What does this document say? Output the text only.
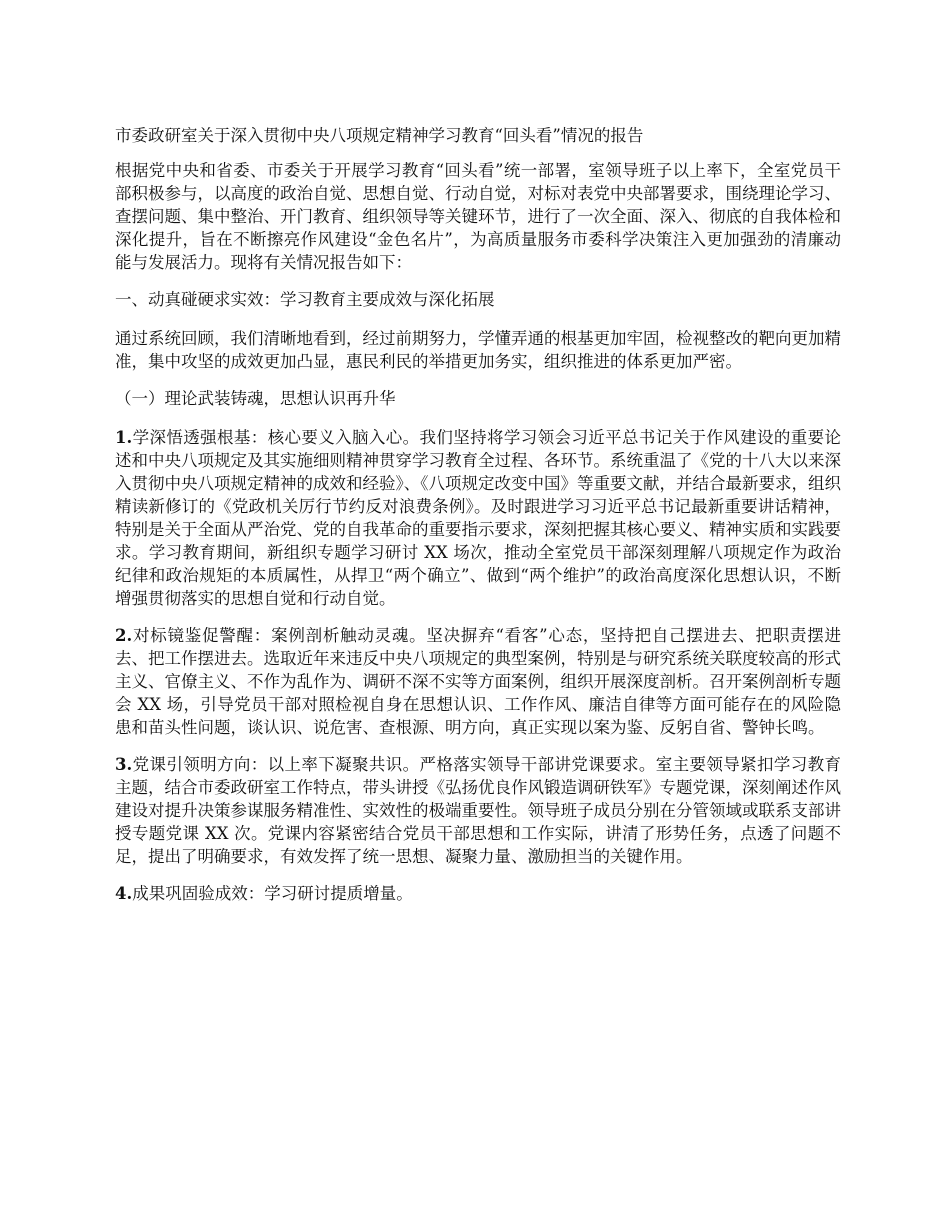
市委政研室关于深入贯彻中央八项规定精神学习教育“回头看”情况的报告

根据党中央和省委、市委关于开展学习教育“回头看”统一部署，室领导班子以上率下，全室党员干部积极参与，以高度的政治自觉、思想自觉、行动自觉，对标对表党中央部署要求，围绕理论学习、查摆问题、集中整治、开门教育、组织领导等关键环节，进行了一次全面、深入、彻底的自我体检和深化提升，旨在不断擦亮作风建设“金色名片”，为高质量服务市委科学决策注入更加强劲的清廉动能与发展活力。现将有关情况报告如下：

一、动真碰硬求实效：学习教育主要成效与深化拓展

通过系统回顾，我们清晰地看到，经过前期努力，学懂弄通的根基更加牢固，检视整改的靶向更加精准，集中攻坚的成效更加凸显，惠民利民的举措更加务实，组织推进的体系更加严密。

（一）理论武装铸魂，思想认识再升华

1.学深悟透强根基：核心要义入脑入心。我们坚持将学习领会习近平总书记关于作风建设的重要论述和中央八项规定及其实施细则精神贯穿学习教育全过程、各环节。系统重温了《党的十八大以来深入贯彻中央八项规定精神的成效和经验》、《八项规定改变中国》等重要文献，并结合最新要求，组织精读新修订的《党政机关厉行节约反对浪费条例》。及时跟进学习习近平总书记最新重要讲话精神，特别是关于全面从严治党、党的自我革命的重要指示要求，深刻把握其核心要义、精神实质和实践要求。学习教育期间，新组织专题学习研讨 XX 场次，推动全室党员干部深刻理解八项规定作为政治纪律和政治规矩的本质属性，从捍卫“两个确立”、做到“两个维护”的政治高度深化思想认识，不断增强贯彻落实的思想自觉和行动自觉。

2.对标镜鉴促警醒：案例剖析触动灵魂。坚决摒弃“看客”心态，坚持把自己摆进去、把职责摆进去、把工作摆进去。选取近年来违反中央八项规定的典型案例，特别是与研究系统关联度较高的形式主义、官僚主义、不作为乱作为、调研不深不实等方面案例，组织开展深度剖析。召开案例剖析专题会 XX 场，引导党员干部对照检视自身在思想认识、工作作风、廉洁自律等方面可能存在的风险隐患和苗头性问题，谈认识、说危害、查根源、明方向，真正实现以案为鉴、反躬自省、警钟长鸣。

3.党课引领明方向：以上率下凝聚共识。严格落实领导干部讲党课要求。室主要领导紧扣学习教育主题，结合市委政研室工作特点，带头讲授《弘扬优良作风锻造调研铁军》专题党课，深刻阐述作风建设对提升决策参谋服务精准性、实效性的极端重要性。领导班子成员分别在分管领域或联系支部讲授专题党课 XX 次。党课内容紧密结合党员干部思想和工作实际，讲清了形势任务，点透了问题不足，提出了明确要求，有效发挥了统一思想、凝聚力量、激励担当的关键作用。

4.成果巩固验成效：学习研讨提质增量。
